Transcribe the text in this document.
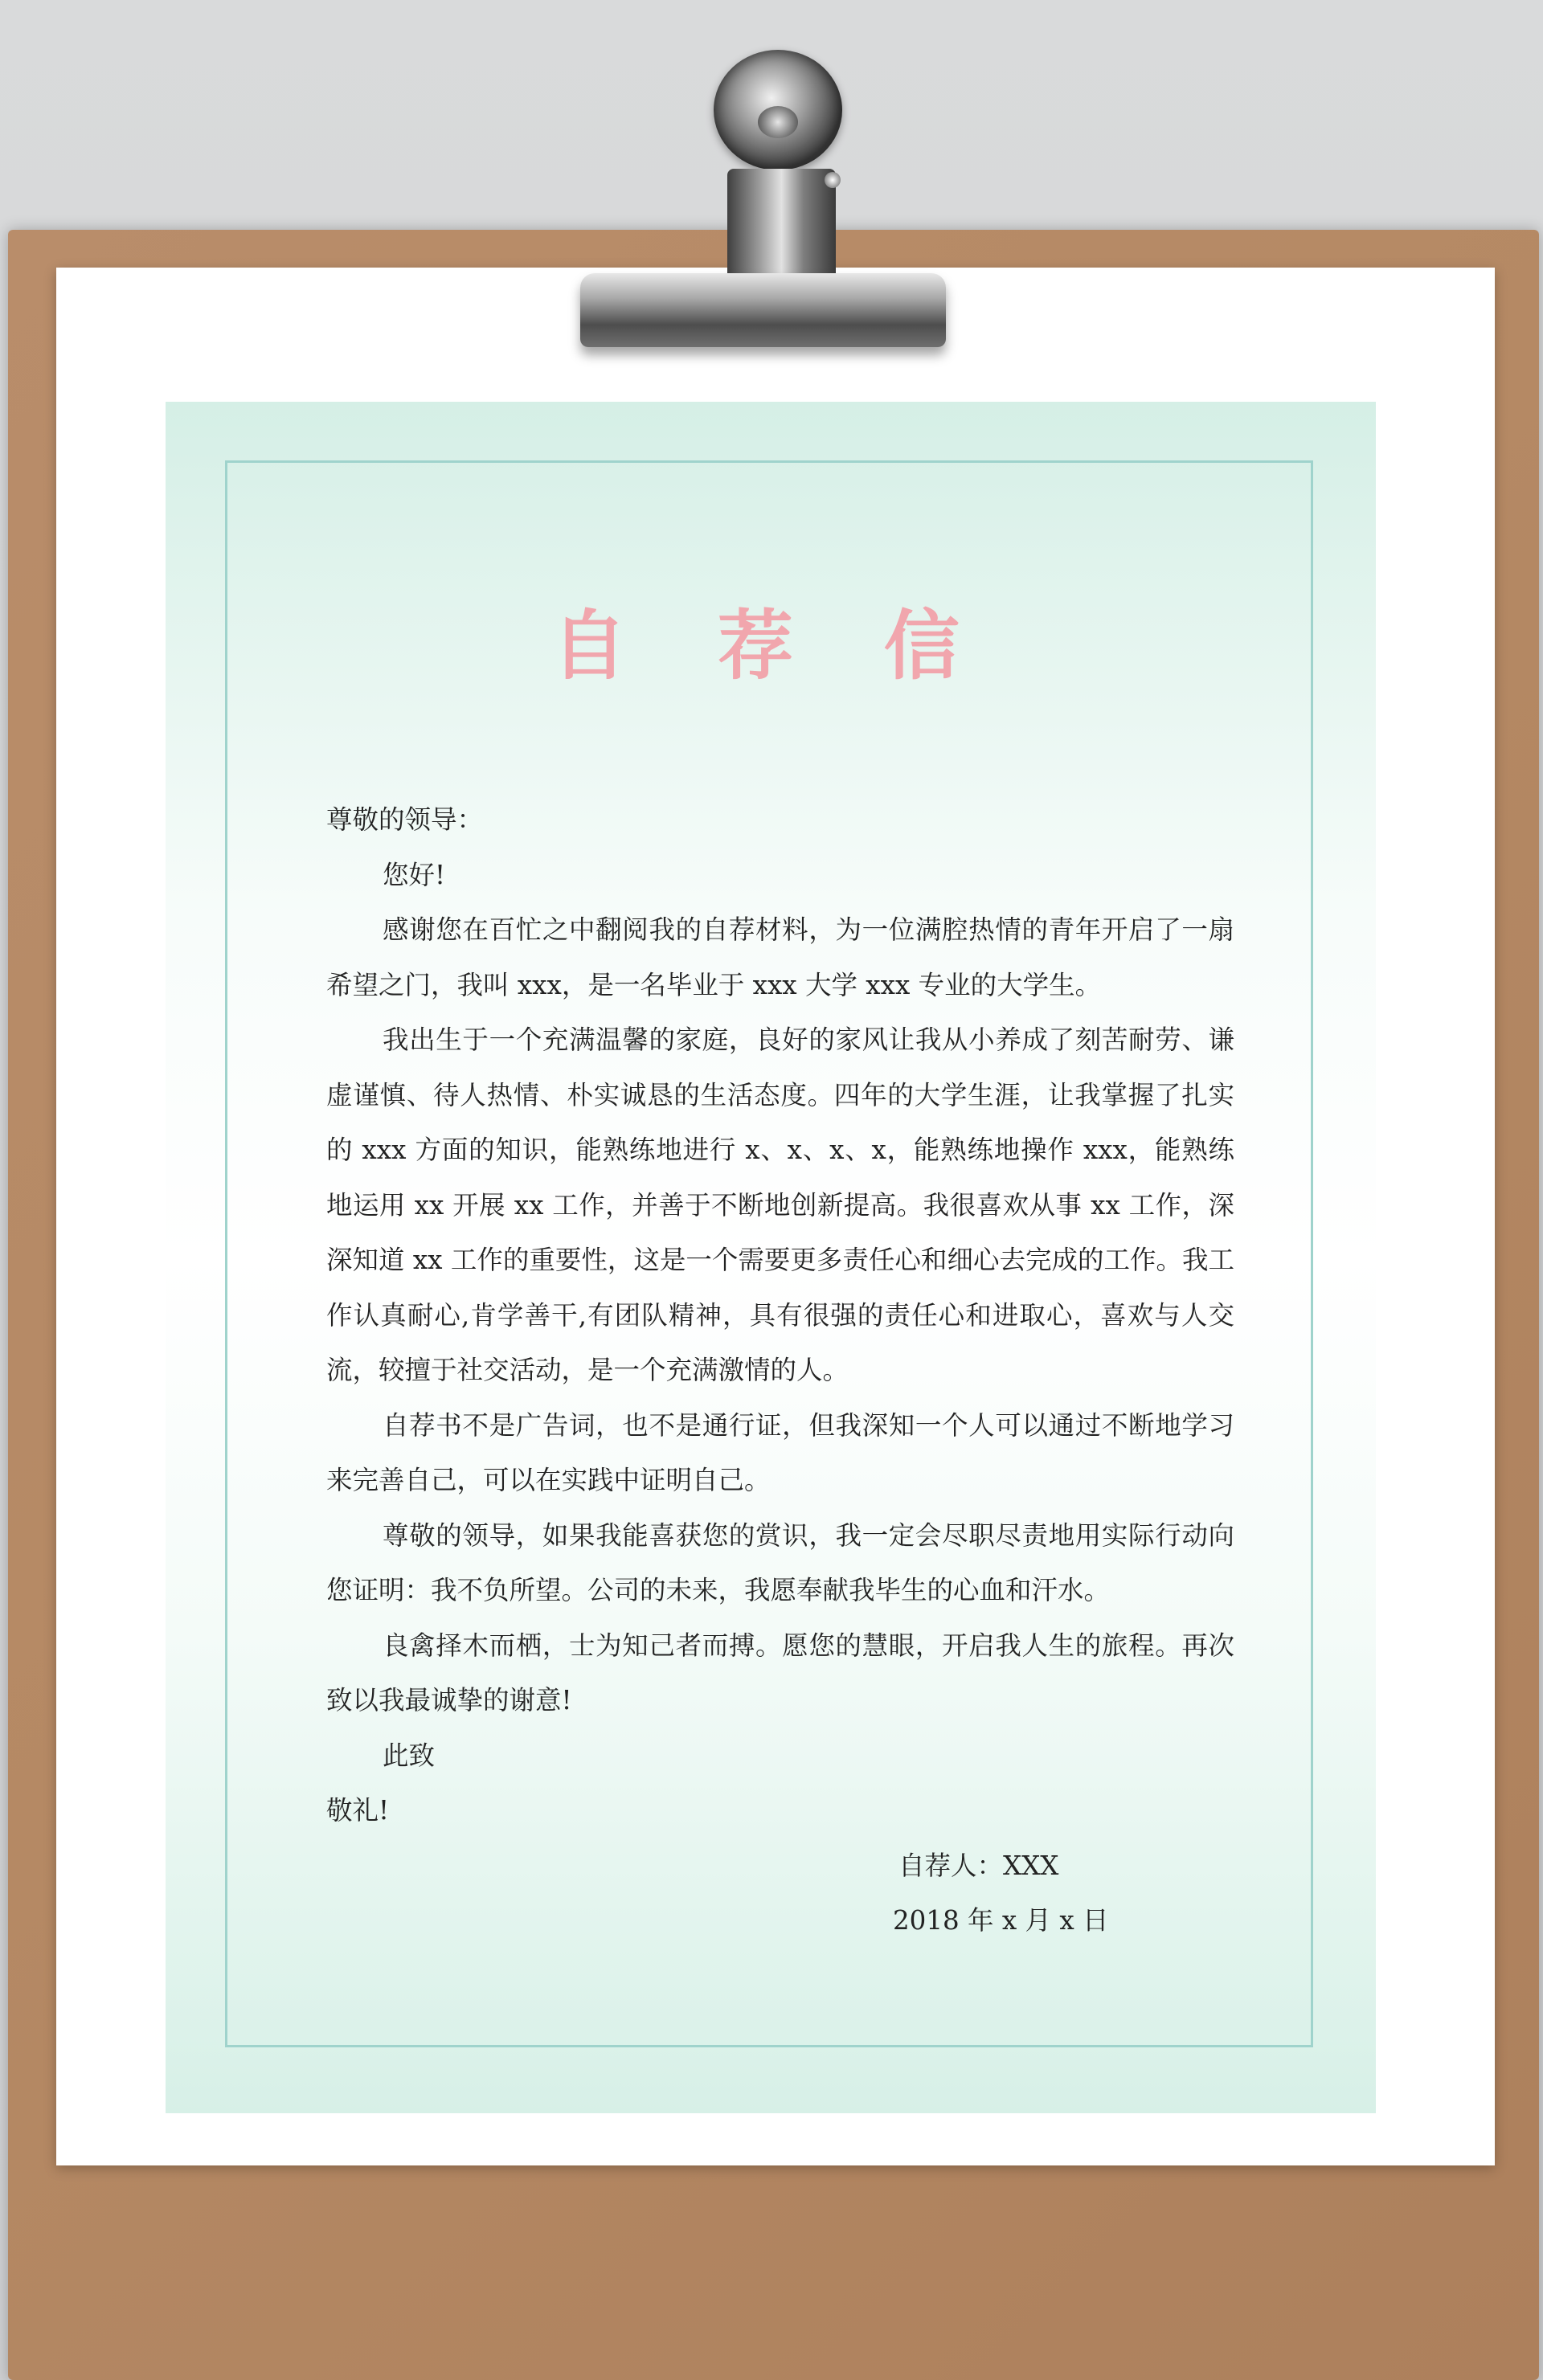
自 荐 信

尊敬的领导：

您好!

感谢您在百忙之中翻阅我的自荐材料，为一位满腔热情的青年开启了一扇希望之门，我叫 xxx，是一名毕业于 xxx 大学 xxx 专业的大学生。

我出生于一个充满温馨的家庭，良好的家风让我从小养成了刻苦耐劳、谦虚谨慎、待人热情、朴实诚恳的生活态度。四年的大学生涯，让我掌握了扎实的 xxx 方面的知识，能熟练地进行 x、x、x、x，能熟练地操作 xxx，能熟练地运用 xx 开展 xx 工作，并善于不断地创新提高。我很喜欢从事 xx 工作，深深知道 xx 工作的重要性，这是一个需要更多责任心和细心去完成的工作。我工作认真耐心,肯学善干,有团队精神，具有很强的责任心和进取心，喜欢与人交流，较擅于社交活动，是一个充满激情的人。

自荐书不是广告词，也不是通行证，但我深知一个人可以通过不断地学习来完善自己，可以在实践中证明自己。

尊敬的领导，如果我能喜获您的赏识，我一定会尽职尽责地用实际行动向您证明：我不负所望。公司的未来，我愿奉献我毕生的心血和汗水。

良禽择木而栖，士为知己者而搏。愿您的慧眼，开启我人生的旅程。再次致以我最诚挚的谢意!

此致

敬礼!

自荐人：XXX

2018 年 x 月 x 日
